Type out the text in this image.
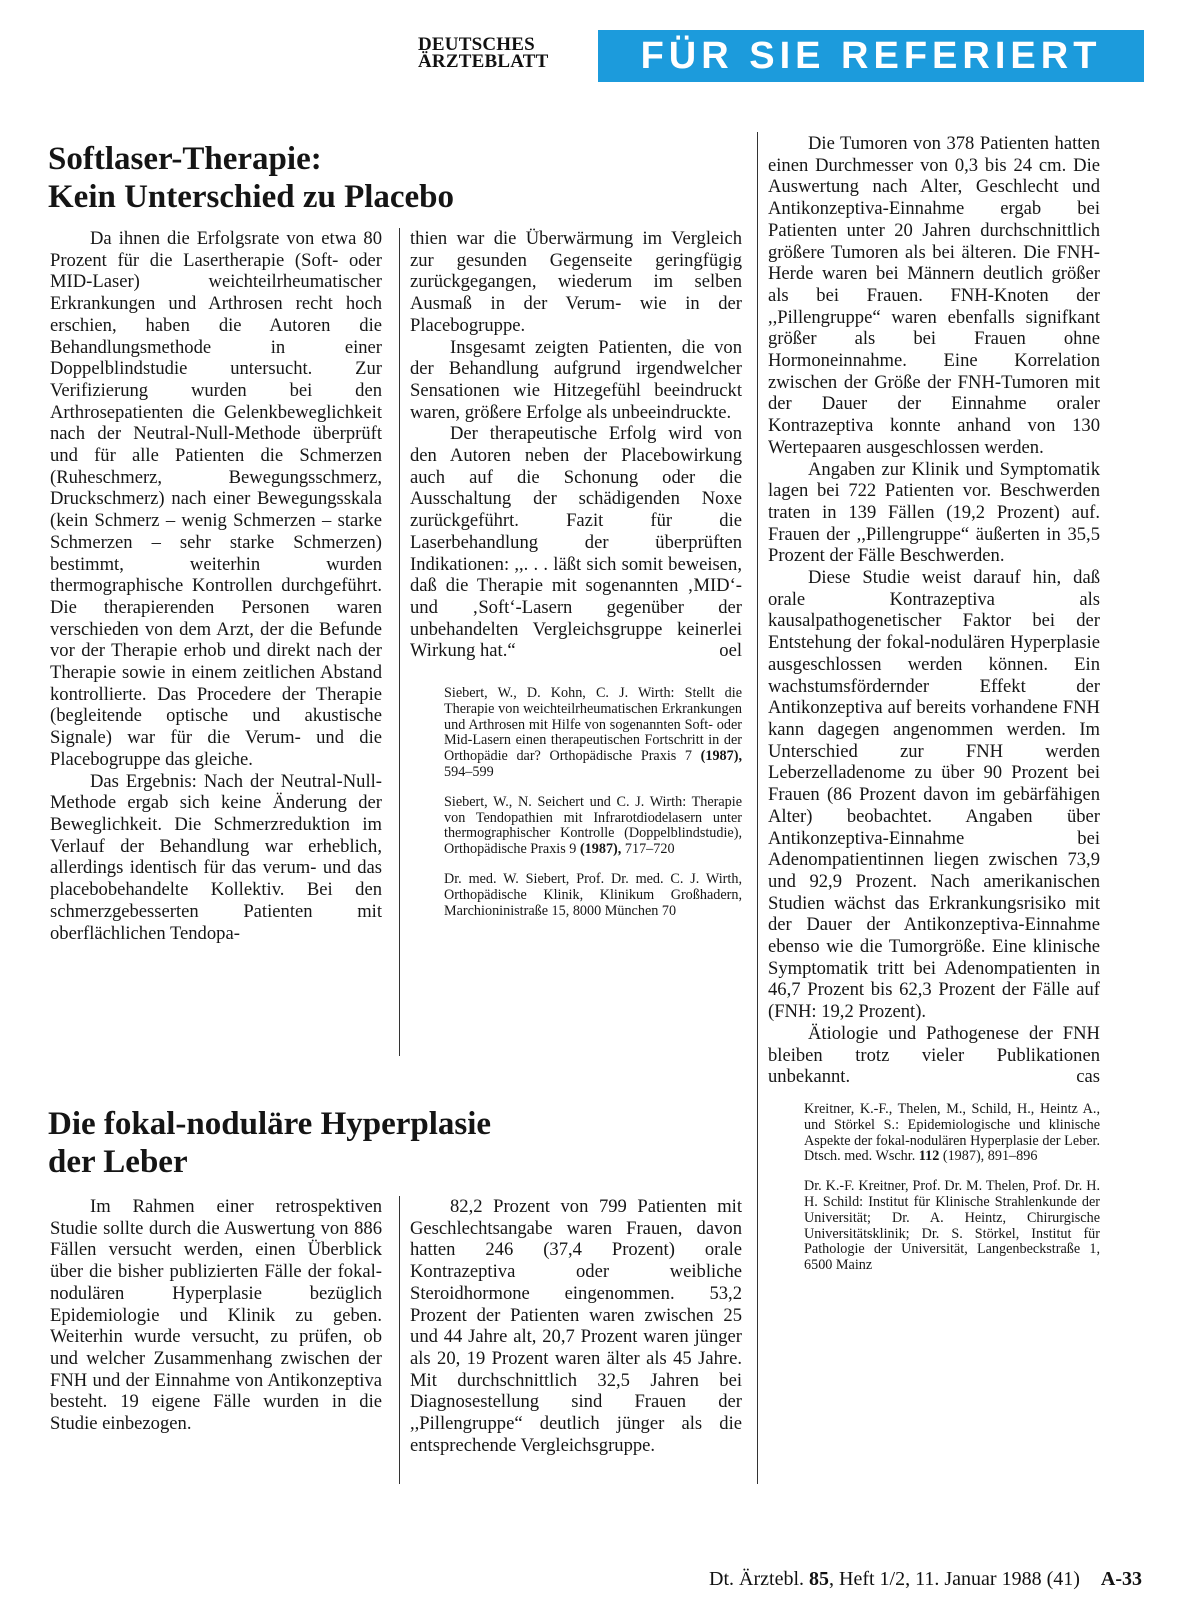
DEUTSCHES
ÄRZTEBLATT	FÜR SIE REFERIERT
Softlaser-Therapie:
Kein Unterschied zu Placebo

Da ihnen die Erfolgsrate von etwa 80 Prozent für die Lasertherapie (Soft- oder MID-Laser) weichteilrheumatischer Erkrankungen und Arthrosen recht hoch erschien, haben die Autoren die Behandlungsmethode in einer Doppelblindstudie untersucht. Zur Verifizierung wurden bei den Arthrosepatienten die Gelenkbeweglichkeit nach der Neutral-Null-Methode überprüft und für alle Patienten die Schmerzen (Ruheschmerz, Bewegungsschmerz, Druckschmerz) nach einer Bewegungsskala (kein Schmerz – wenig Schmerzen – starke Schmerzen – sehr starke Schmerzen) bestimmt, weiterhin wurden thermographische Kontrollen durchgeführt. Die therapierenden Personen waren verschieden von dem Arzt, der die Befunde vor der Therapie erhob und direkt nach der Therapie sowie in einem zeitlichen Abstand kontrollierte. Das Procedere der Therapie (begleitende optische und akustische Signale) war für die Verum- und die Placebogruppe das gleiche.

Das Ergebnis: Nach der Neutral-Null-Methode ergab sich keine Änderung der Beweglichkeit. Die Schmerzreduktion im Verlauf der Behandlung war erheblich, allerdings identisch für das verum- und das placebobehandelte Kollektiv. Bei den schmerzgebesserten Patienten mit oberflächlichen Tendopa-

thien war die Überwärmung im Vergleich zur gesunden Gegenseite geringfügig zurückgegangen, wiederum im selben Ausmaß in der Verum- wie in der Placebogruppe.

Insgesamt zeigten Patienten, die von der Behandlung aufgrund irgendwelcher Sensationen wie Hitzegefühl beeindruckt waren, größere Erfolge als unbeeindruckte.

Der therapeutische Erfolg wird von den Autoren neben der Placebowirkung auch auf die Schonung oder die Ausschaltung der schädigenden Noxe zurückgeführt. Fazit für die Laserbehandlung der überprüften Indikationen: ,,. . . läßt sich somit beweisen, daß die Therapie mit sogenannten ‚MID‘- und ‚Soft‘-Lasern gegenüber der unbehandelten Vergleichsgruppe keinerlei Wirkung hat.“	oel

Siebert, W., D. Kohn, C. J. Wirth: Stellt die Therapie von weichteilrheumatischen Erkrankungen und Arthrosen mit Hilfe von sogenannten Soft- oder Mid-Lasern einen therapeutischen Fortschritt in der Orthopädie dar? Orthopädische Praxis 7 (1987), 594–599

Siebert, W., N. Seichert und C. J. Wirth: Therapie von Tendopathien mit Infrarotdiodelasern unter thermographischer Kontrolle (Doppelblindstudie), Orthopädische Praxis 9 (1987), 717–720

Dr. med. W. Siebert, Prof. Dr. med. C. J. Wirth, Orthopädische Klinik, Klinikum Großhadern, Marchioninistraße 15, 8000 München 70

Die fokal-noduläre Hyperplasie
der Leber

Im Rahmen einer retrospektiven Studie sollte durch die Auswertung von 886 Fällen versucht werden, einen Überblick über die bisher publizierten Fälle der fokal-nodulären Hyperplasie bezüglich Epidemiologie und Klinik zu geben. Weiterhin wurde versucht, zu prüfen, ob und welcher Zusammenhang zwischen der FNH und der Einnahme von Antikonzeptiva besteht. 19 eigene Fälle wurden in die Studie einbezogen.

82,2 Prozent von 799 Patienten mit Geschlechtsangabe waren Frauen, davon hatten 246 (37,4 Prozent) orale Kontrazeptiva oder weibliche Steroidhormone eingenommen. 53,2 Prozent der Patienten waren zwischen 25 und 44 Jahre alt, 20,7 Prozent waren jünger als 20, 19 Prozent waren älter als 45 Jahre. Mit durchschnittlich 32,5 Jahren bei Diagnosestellung sind Frauen der ,,Pillengruppe“ deutlich jünger als die entsprechende Vergleichsgruppe.

Die Tumoren von 378 Patienten hatten einen Durchmesser von 0,3 bis 24 cm. Die Auswertung nach Alter, Geschlecht und Antikonzeptiva-Einnahme ergab bei Patienten unter 20 Jahren durchschnittlich größere Tumoren als bei älteren. Die FNH-Herde waren bei Männern deutlich größer als bei Frauen. FNH-Knoten der ,,Pillengruppe“ waren ebenfalls signifkant größer als bei Frauen ohne Hormoneinnahme. Eine Korrelation zwischen der Größe der FNH-Tumoren mit der Dauer der Einnahme oraler Kontrazeptiva konnte anhand von 130 Wertepaaren ausgeschlossen werden.

Angaben zur Klinik und Symptomatik lagen bei 722 Patienten vor. Beschwerden traten in 139 Fällen (19,2 Prozent) auf. Frauen der ,,Pillengruppe“ äußerten in 35,5 Prozent der Fälle Beschwerden.

Diese Studie weist darauf hin, daß orale Kontrazeptiva als kausalpathogenetischer Faktor bei der Entstehung der fokal-nodulären Hyperplasie ausgeschlossen werden können. Ein wachstumsfördernder Effekt der Antikonzeptiva auf bereits vorhandene FNH kann dagegen angenommen werden. Im Unterschied zur FNH werden Leberzelladenome zu über 90 Prozent bei Frauen (86 Prozent davon im gebärfähigen Alter) beobachtet. Angaben über Antikonzeptiva-Einnahme bei Adenompatientinnen liegen zwischen 73,9 und 92,9 Prozent. Nach amerikanischen Studien wächst das Erkrankungsrisiko mit der Dauer der Antikonzeptiva-Einnahme ebenso wie die Tumorgröße. Eine klinische Symptomatik tritt bei Adenompatienten in 46,7 Prozent bis 62,3 Prozent der Fälle auf (FNH: 19,2 Prozent).

Ätiologie und Pathogenese der FNH bleiben trotz vieler Publikationen unbekannt.	cas

Kreitner, K.-F., Thelen, M., Schild, H., Heintz A., und Störkel S.: Epidemiologische und klinische Aspekte der fokal-nodulären Hyperplasie der Leber. Dtsch. med. Wschr. 112 (1987), 891–896

Dr. K.-F. Kreitner, Prof. Dr. M. Thelen, Prof. Dr. H. H. Schild: Institut für Klinische Strahlenkunde der Universität; Dr. A. Heintz, Chirurgische Universitätsklinik; Dr. S. Störkel, Institut für Pathologie der Universität, Langenbeckstraße 1, 6500 Mainz

Dt. Ärztebl. 85, Heft 1/2, 11. Januar 1988 (41) A-33
